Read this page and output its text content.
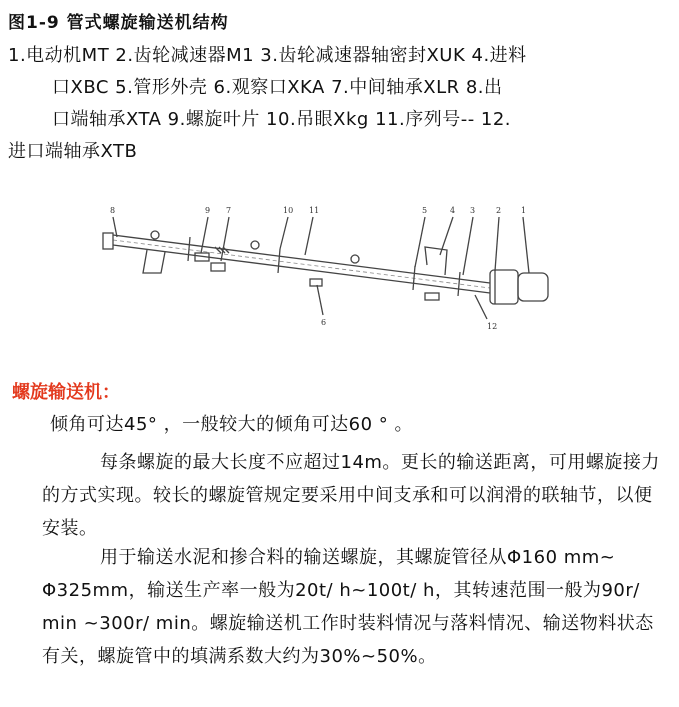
图1-9 管式螺旋输送机结构
1.电动机MT 2.齿轮减速器M1 3.齿轮减速器轴密封XUK 4.进料
口XBC 5.管形外壳 6.观察口XKA 7.中间轴承XLR 8.出
口端轴承XTA 9.螺旋叶片 10.吊眼Xkg 11.序列号-- 12.
进口端轴承XTB
8	9 7	10 11	5	4 3	2 1
6	12
螺旋输送机：
倾角可达45° ，一般较大的倾角可达60 ° 。
每条螺旋的最大长度不应超过14m。更长的输送距离，可用螺旋接力的方式实现。较长的螺旋管规定要采用中间支承和可以润滑的联轴节，以便安装。
用于输送水泥和掺合料的输送螺旋，其螺旋管径从Φ160 mm~ Φ325mm，输送生产率一般为20t/ h~100t/ h，其转速范围一般为90r/ min ~300r/ min。螺旋输送机工作时装料情况与落料情况、输送物料状态有关，螺旋管中的填满系数大约为30%~50%。
